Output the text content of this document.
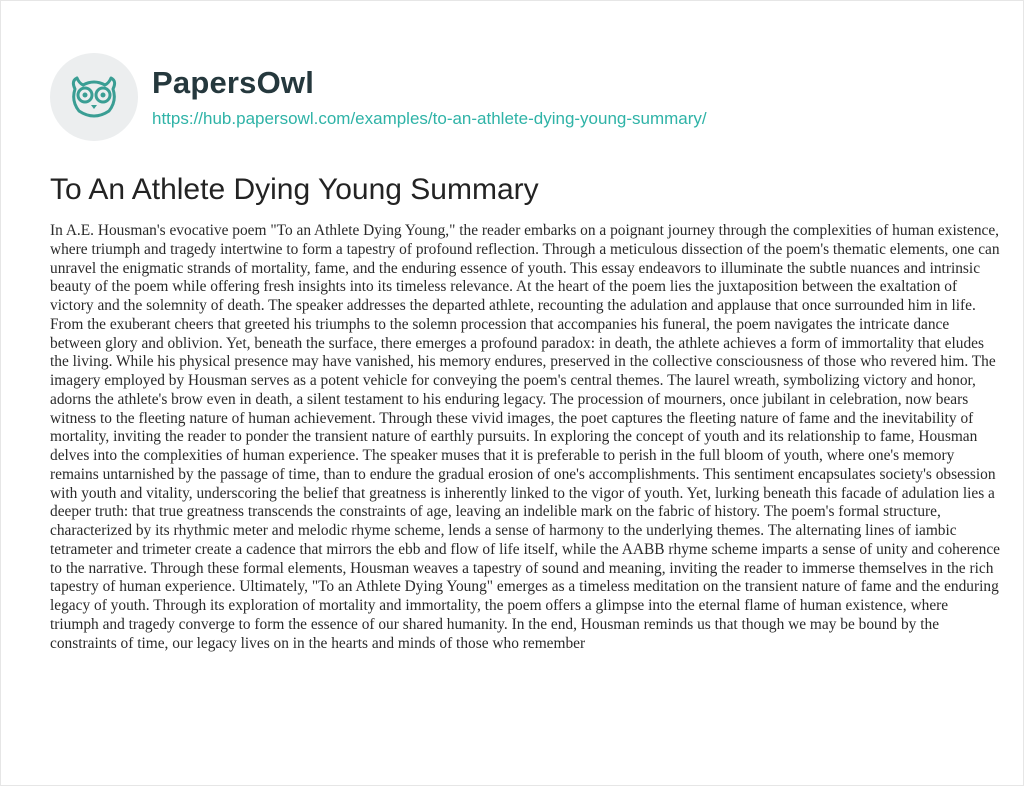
PapersOwl
https://hub.papersowl.com/examples/to-an-athlete-dying-young-summary/
To An Athlete Dying Young Summary

In A.E. Housman's evocative poem "To an Athlete Dying Young," the reader embarks on a poignant journey through the complexities of human existence, where triumph and tragedy intertwine to form a tapestry of profound reflection. Through a meticulous dissection of the poem's thematic elements, one can unravel the enigmatic strands of mortality, fame, and the enduring essence of youth. This essay endeavors to illuminate the subtle nuances and intrinsic beauty of the poem while offering fresh insights into its timeless relevance. At the heart of the poem lies the juxtaposition between the exaltation of victory and the solemnity of death. The speaker addresses the departed athlete, recounting the adulation and applause that once surrounded him in life. From the exuberant cheers that greeted his triumphs to the solemn procession that accompanies his funeral, the poem navigates the intricate dance between glory and oblivion. Yet, beneath the surface, there emerges a profound paradox: in death, the athlete achieves a form of immortality that eludes the living. While his physical presence may have vanished, his memory endures, preserved in the collective consciousness of those who revered him. The imagery employed by Housman serves as a potent vehicle for conveying the poem's central themes. The laurel wreath, symbolizing victory and honor, adorns the athlete's brow even in death, a silent testament to his enduring legacy. The procession of mourners, once jubilant in celebration, now bears witness to the fleeting nature of human achievement. Through these vivid images, the poet captures the fleeting nature of fame and the inevitability of mortality, inviting the reader to ponder the transient nature of earthly pursuits. In exploring the concept of youth and its relationship to fame, Housman delves into the complexities of human experience. The speaker muses that it is preferable to perish in the full bloom of youth, where one's memory remains untarnished by the passage of time, than to endure the gradual erosion of one's accomplishments. This sentiment encapsulates society's obsession with youth and vitality, underscoring the belief that greatness is inherently linked to the vigor of youth. Yet, lurking beneath this facade of adulation lies a deeper truth: that true greatness transcends the constraints of age, leaving an indelible mark on the fabric of history. The poem's formal structure, characterized by its rhythmic meter and melodic rhyme scheme, lends a sense of harmony to the underlying themes. The alternating lines of iambic tetrameter and trimeter create a cadence that mirrors the ebb and flow of life itself, while the AABB rhyme scheme imparts a sense of unity and coherence to the narrative. Through these formal elements, Housman weaves a tapestry of sound and meaning, inviting the reader to immerse themselves in the rich tapestry of human experience. Ultimately, "To an Athlete Dying Young" emerges as a timeless meditation on the transient nature of fame and the enduring legacy of youth. Through its exploration of mortality and immortality, the poem offers a glimpse into the eternal flame of human existence, where triumph and tragedy converge to form the essence of our shared humanity. In the end, Housman reminds us that though we may be bound by the constraints of time, our legacy lives on in the hearts and minds of those who remember
